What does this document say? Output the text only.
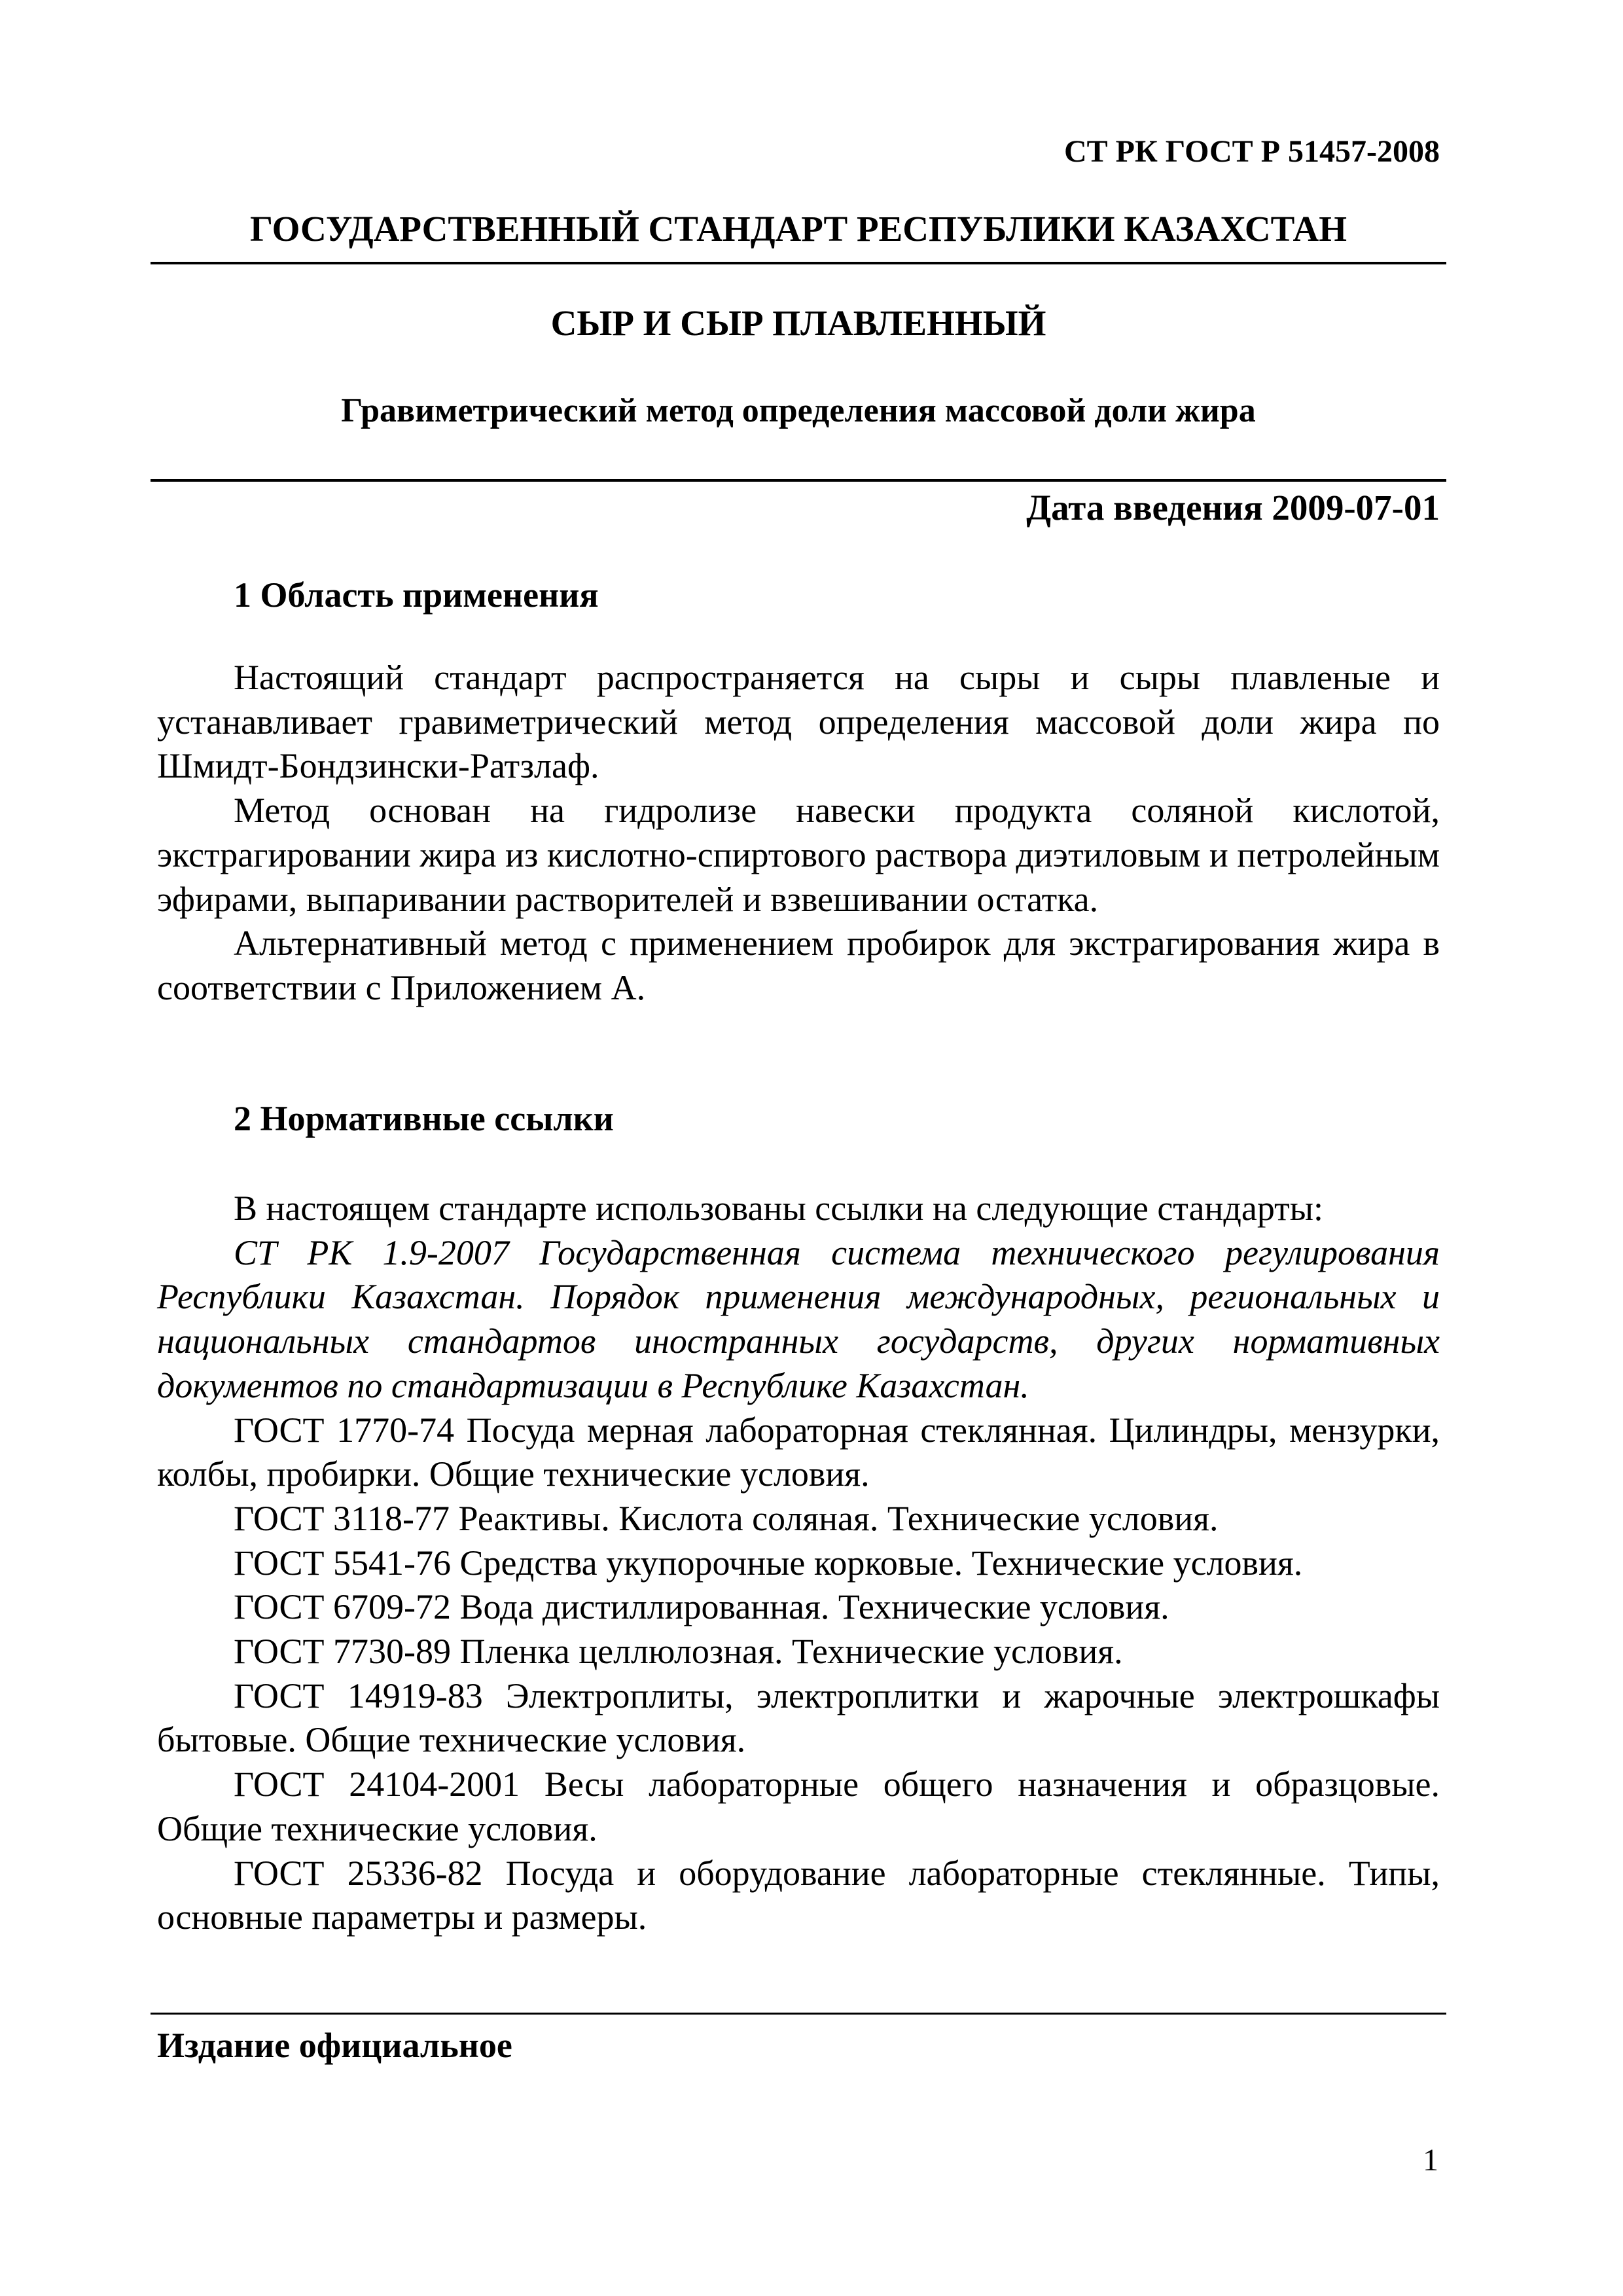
СТ РК ГОСТ Р 51457-2008
ГОСУДАРСТВЕННЫЙ СТАНДАРТ РЕСПУБЛИКИ КАЗАХСТАН
СЫР И СЫР ПЛАВЛЕННЫЙ
Гравиметрический метод определения массовой доли жира
Дата введения 2009-07-01
1 Область применения

Настоящий стандарт распространяется на сыры и сыры плавленые и устанавливает гравиметрический метод определения массовой доли жира по Шмидт-Бондзински-Ратзлаф.

Метод основан на гидролизе навески продукта соляной кислотой, экстрагировании жира из кислотно-спиртового раствора диэтиловым и петролейным эфирами, выпаривании растворителей и взвешивании остатка.

Альтернативный метод с применением пробирок для экстрагирования жира в соответствии с Приложением А.

2 Нормативные ссылки

В настоящем стандарте использованы ссылки на следующие стандарты:

СТ РК 1.9-2007 Государственная система технического регулирования Республики Казахстан. Порядок применения международных, региональных и национальных стандартов иностранных государств, других нормативных документов по стандартизации в Республике Казахстан.

ГОСТ 1770-74 Посуда мерная лабораторная стеклянная. Цилиндры, мензурки, колбы, пробирки. Общие технические условия.

ГОСТ 3118-77 Реактивы. Кислота соляная. Технические условия.

ГОСТ 5541-76 Средства укупорочные корковые. Технические условия.

ГОСТ 6709-72 Вода дистиллированная. Технические условия.

ГОСТ 7730-89 Пленка целлюлозная. Технические условия.

ГОСТ 14919-83 Электроплиты, электроплитки и жарочные электрошкафы бытовые. Общие технические условия.

ГОСТ 24104-2001 Весы лабораторные общего назначения и образцовые. Общие технические условия.

ГОСТ 25336-82 Посуда и оборудование лабораторные стеклянные. Типы, основные параметры и размеры.

Издание официальное
1
